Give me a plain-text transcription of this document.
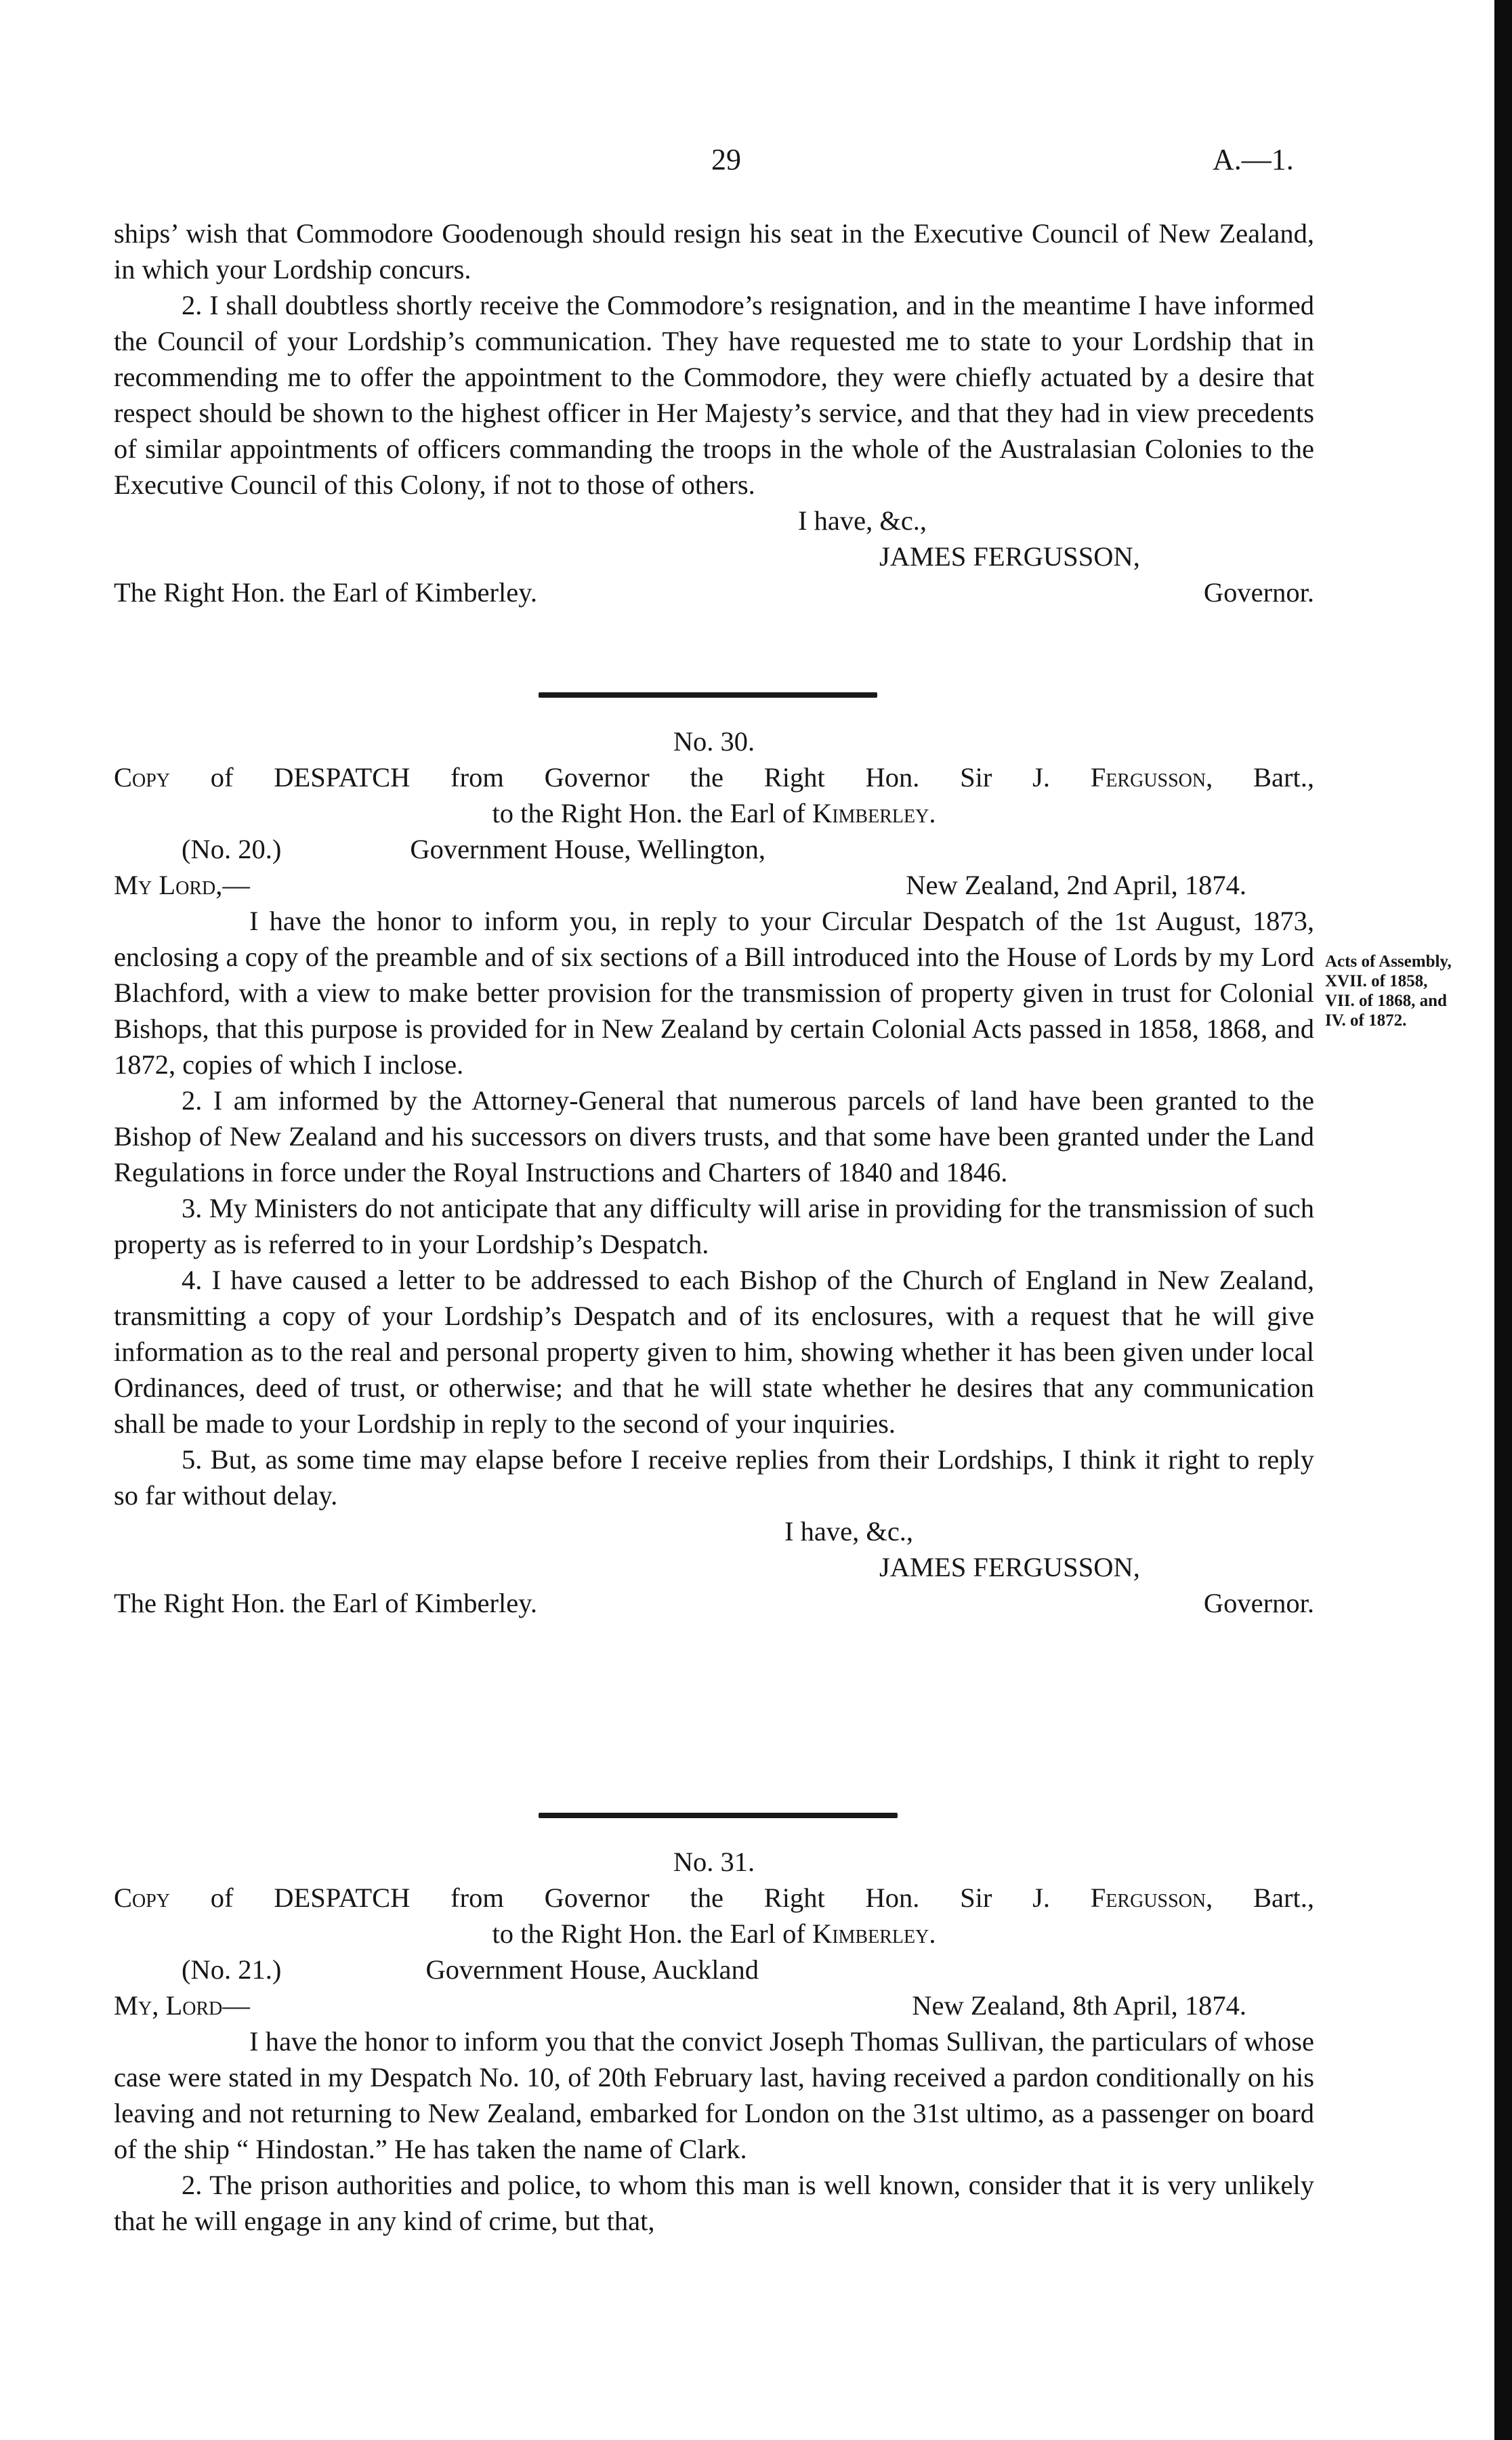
29	A.—1.

ships’ wish that Commodore Goodenough should resign his seat in the Executive Council of New Zealand, in which your Lordship concurs.

2. I shall doubtless shortly receive the Commodore’s resignation, and in the meantime I have informed the Council of your Lordship’s communication. They have requested me to state to your Lordship that in recommending me to offer the appointment to the Commodore, they were chiefly actuated by a desire that respect should be shown to the highest officer in Her Majesty’s service, and that they had in view precedents of similar appointments of officers commanding the troops in the whole of the Australasian Colonies to the Executive Council of this Colony, if not to those of others.

I have, &c.,

JAMES FERGUSSON,

The Right Hon. the Earl of Kimberley.	Governor.

No. 30.

Copy of DESPATCH from Governor the Right Hon. Sir J. Fergusson, Bart.,

to the Right Hon. the Earl of Kimberley.

(No. 20.)	Government House, Wellington,
My Lord,—	New Zealand, 2nd April, 1874.

I have the honor to inform you, in reply to your Circular Despatch of the 1st August, 1873, enclosing a copy of the preamble and of six sections of a Bill introduced into the House of Lords by my Lord Blachford, with a view to make better provision for the transmission of property given in trust for Colonial Bishops, that this purpose is provided for in New Zealand by certain Colonial Acts passed in 1858, 1868, and 1872, copies of which I inclose.

2. I am informed by the Attorney-General that numerous parcels of land have been granted to the Bishop of New Zealand and his successors on divers trusts, and that some have been granted under the Land Regulations in force under the Royal Instructions and Charters of 1840 and 1846.

3. My Ministers do not anticipate that any difficulty will arise in providing for the transmission of such property as is referred to in your Lordship’s Despatch.

4. I have caused a letter to be addressed to each Bishop of the Church of England in New Zealand, transmitting a copy of your Lordship’s Despatch and of its enclosures, with a request that he will give information as to the real and personal property given to him, showing whether it has been given under local Ordinances, deed of trust, or otherwise; and that he will state whether he desires that any communication shall be made to your Lordship in reply to the second of your inquiries.

5. But, as some time may elapse before I receive replies from their Lordships, I think it right to reply so far without delay.

I have, &c.,

JAMES FERGUSSON,

The Right Hon. the Earl of Kimberley.	Governor.
Acts of Assembly,
XVII. of 1858,
VII. of 1868, and
IV. of 1872.

No. 31.

Copy of DESPATCH from Governor the Right Hon. Sir J. Fergusson, Bart.,

to the Right Hon. the Earl of Kimberley.

(No. 21.)	Government House, Auckland
My, Lord—	New Zealand, 8th April, 1874.

I have the honor to inform you that the convict Joseph Thomas Sullivan, the particulars of whose case were stated in my Despatch No. 10, of 20th February last, having received a pardon conditionally on his leaving and not returning to New Zealand, embarked for London on the 31st ultimo, as a passenger on board of the ship “ Hindostan.” He has taken the name of Clark.

2. The prison authorities and police, to whom this man is well known, consider that it is very unlikely that he will engage in any kind of crime, but that,
